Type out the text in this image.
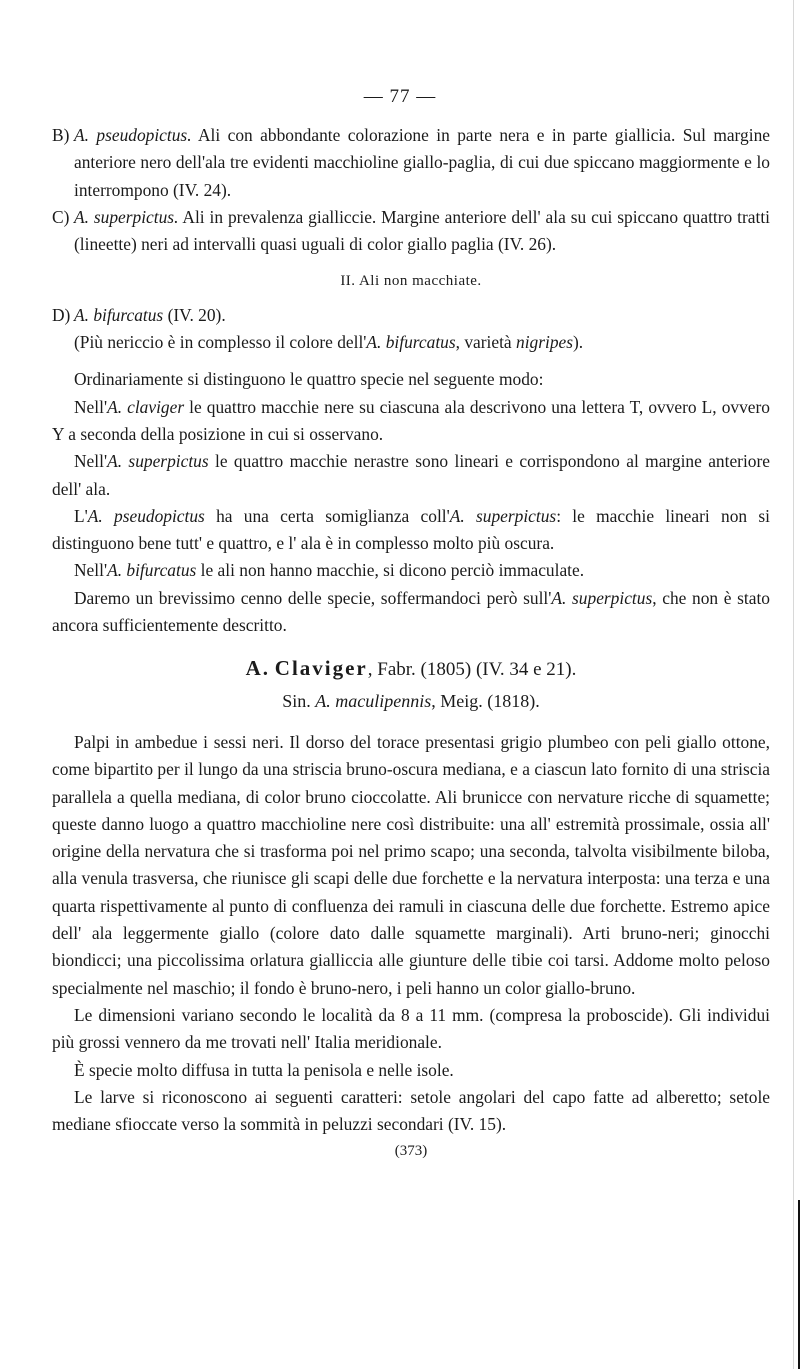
— 77 —

B) A. pseudopictus. Ali con abbondante colorazione in parte nera e in parte giallicia. Sul margine anteriore nero dell'ala tre evidenti macchioline giallo-paglia, di cui due spiccano maggiormente e lo interrompono (IV. 24).

C) A. superpictus. Ali in prevalenza gialliccie. Margine anteriore dell' ala su cui spiccano quattro tratti (lineette) neri ad intervalli quasi uguali di color giallo paglia (IV. 26).

II. Ali non macchiate.

D) A. bifurcatus (IV. 20).

(Più nericcio è in complesso il colore dell'A. bifurcatus, varietà nigripes).

Ordinariamente si distinguono le quattro specie nel seguente modo:

Nell'A. claviger le quattro macchie nere su ciascuna ala descrivono una lettera T, ovvero L, ovvero Y a seconda della posizione in cui si osservano.

Nell'A. superpictus le quattro macchie nerastre sono lineari e corrispondono al margine anteriore dell' ala.

L'A. pseudopictus ha una certa somiglianza coll'A. superpictus: le macchie lineari non si distinguono bene tutt' e quattro, e l' ala è in complesso molto più oscura.

Nell'A. bifurcatus le ali non hanno macchie, si dicono perciò immaculate.

Daremo un brevissimo cenno delle specie, soffermandoci però sull'A. superpictus, che non è stato ancora sufficientemente descritto.

A. Claviger, Fabr. (1805) (IV. 34 e 21).

Sin. A. maculipennis, Meig. (1818).

Palpi in ambedue i sessi neri. Il dorso del torace presentasi grigio plumbeo con peli giallo ottone, come bipartito per il lungo da una striscia bruno-oscura mediana, e a ciascun lato fornito di una striscia parallela a quella mediana, di color bruno cioccolatte. Ali brunicce con nervature ricche di squamette; queste danno luogo a quattro macchioline nere così distribuite: una all' estremità prossimale, ossia all' origine della nervatura che si trasforma poi nel primo scapo; una seconda, talvolta visibilmente biloba, alla venula trasversa, che riunisce gli scapi delle due forchette e la nervatura interposta: una terza e una quarta rispettivamente al punto di confluenza dei ramuli in ciascuna delle due forchette. Estremo apice dell' ala leggermente giallo (colore dato dalle squamette marginali). Arti bruno-neri; ginocchi biondicci; una piccolissima orlatura gialliccia alle giunture delle tibie coi tarsi. Addome molto peloso specialmente nel maschio; il fondo è bruno-nero, i peli hanno un color giallo-bruno.

Le dimensioni variano secondo le località da 8 a 11 mm. (compresa la proboscide). Gli individui più grossi vennero da me trovati nell' Italia meridionale.

È specie molto diffusa in tutta la penisola e nelle isole.

Le larve si riconoscono ai seguenti caratteri: setole angolari del capo fatte ad alberetto; setole mediane sfioccate verso la sommità in peluzzi secondari (IV. 15).

(373)
